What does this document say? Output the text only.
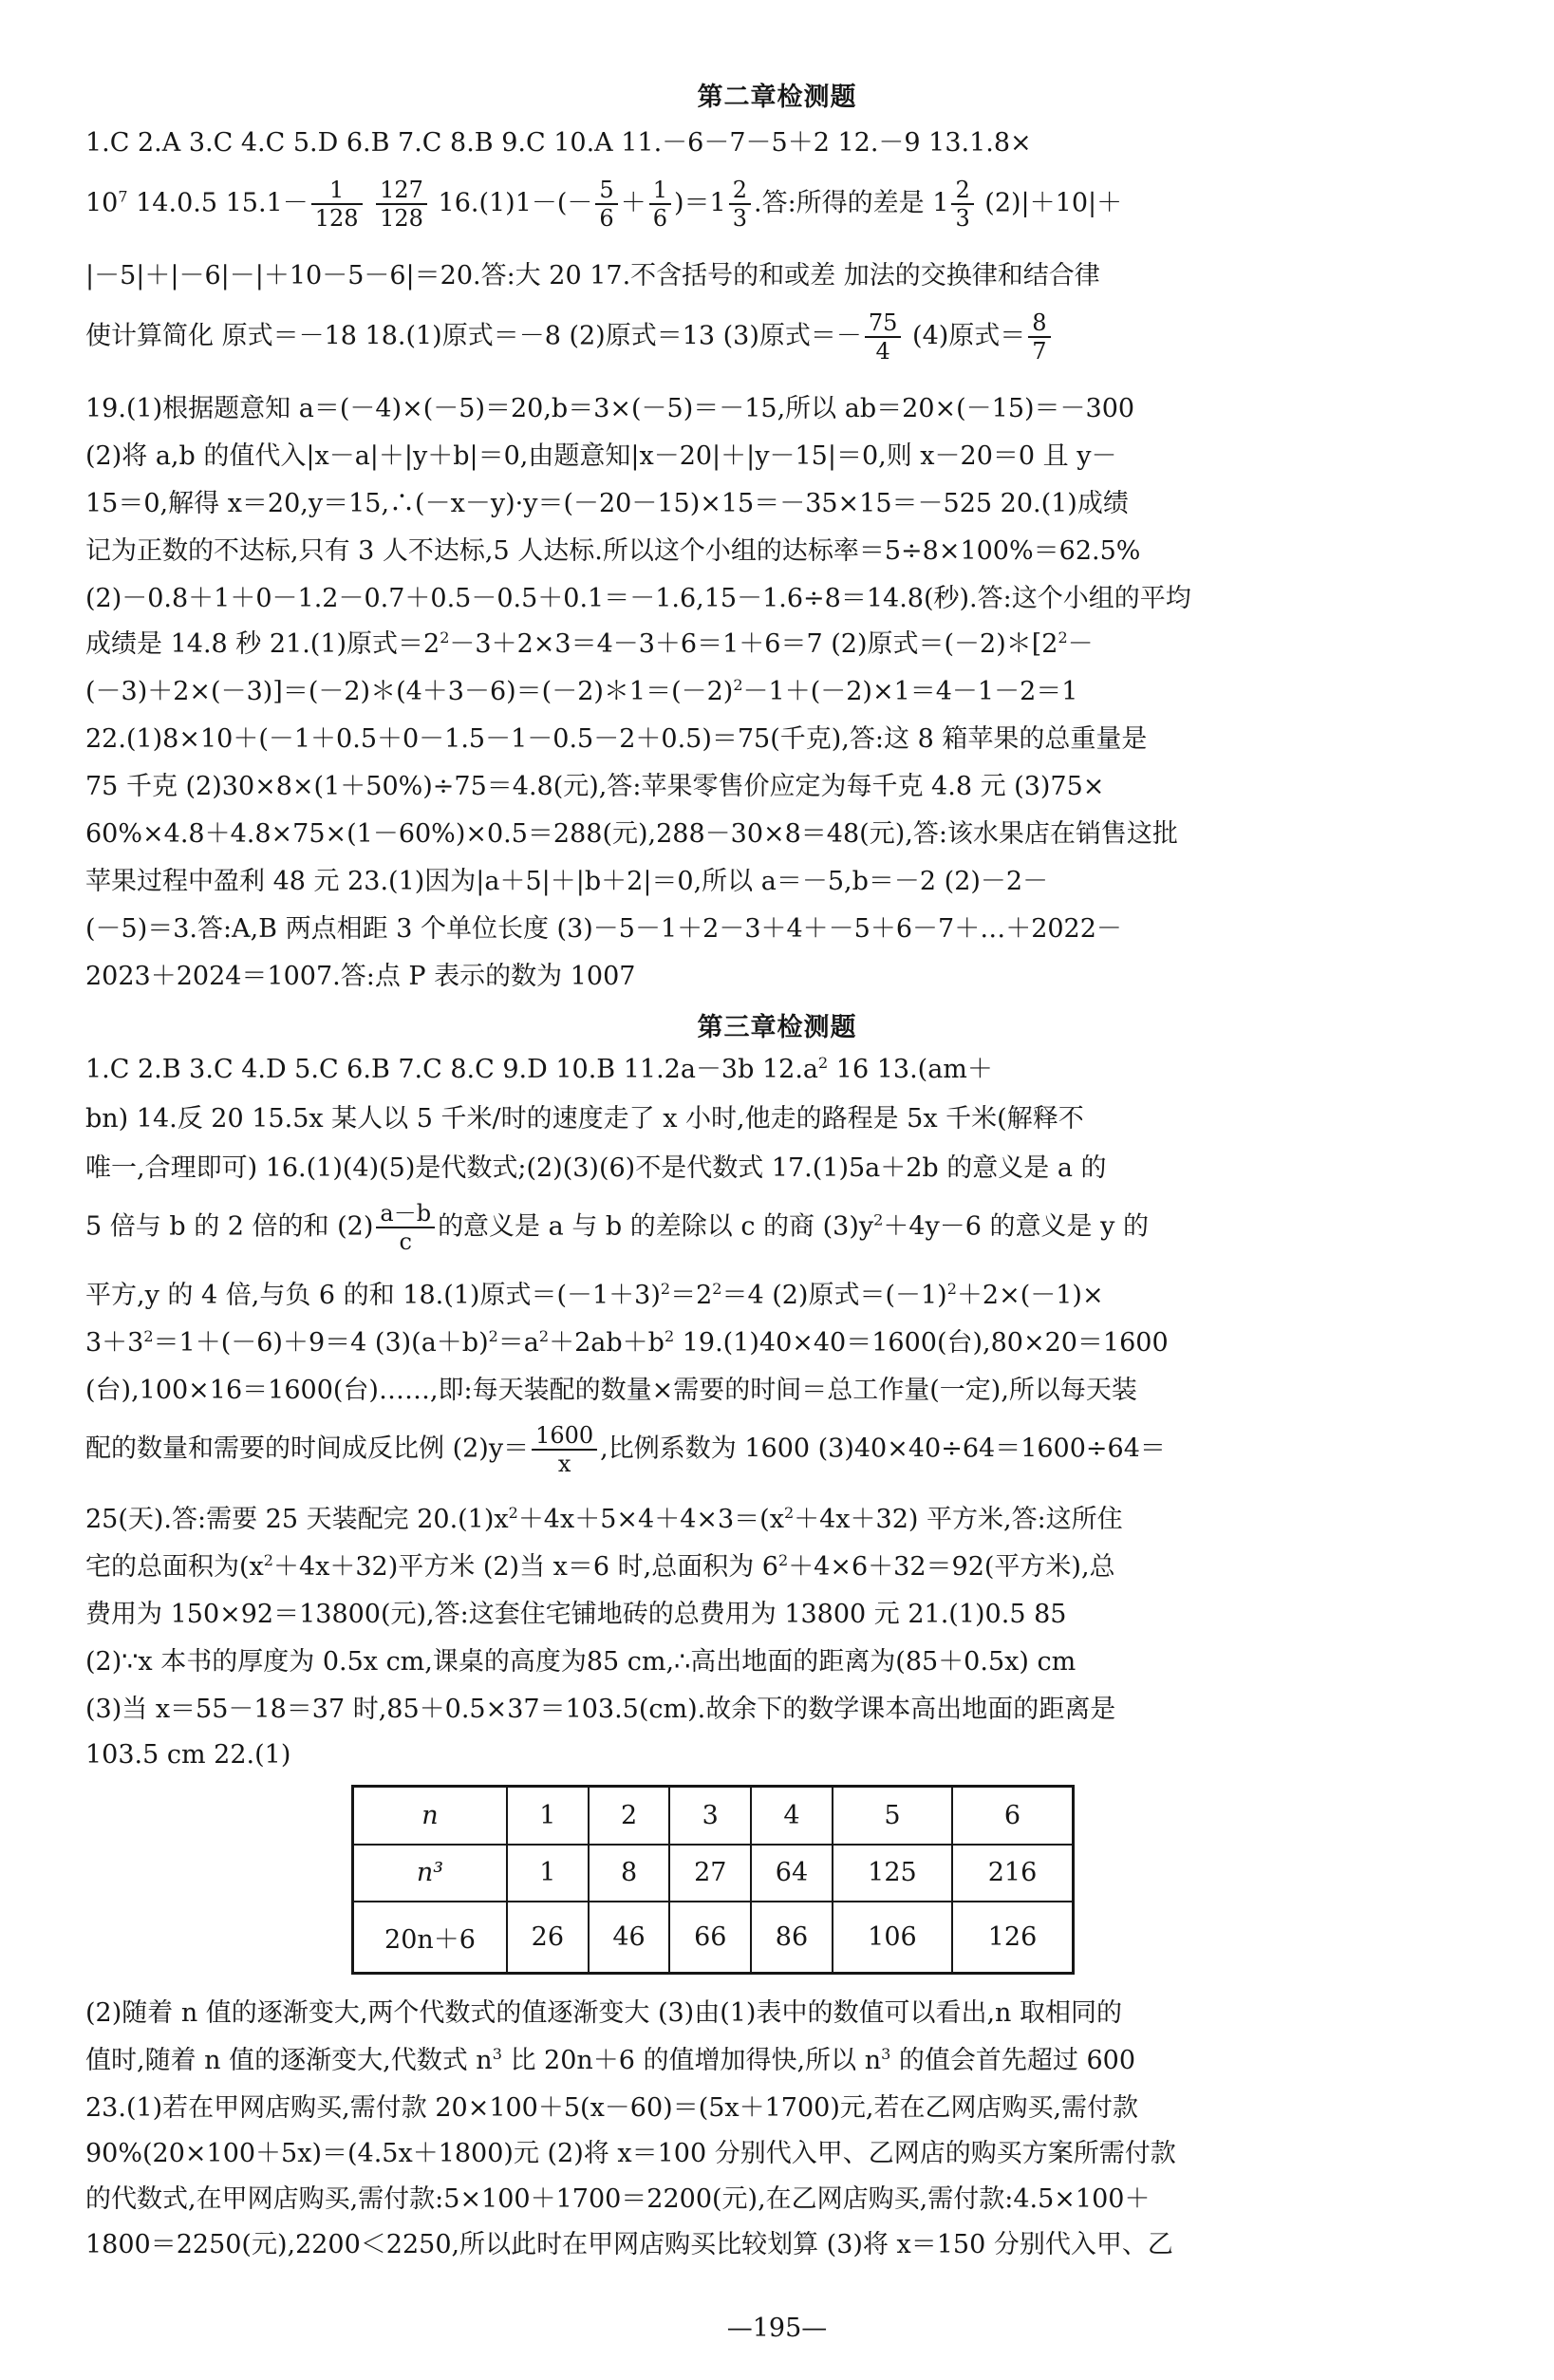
第二章检测题
1.C 2.A 3.C 4.C 5.D 6.B 7.C 8.B 9.C 10.A 11.－6－7－5＋2 12.－9 13.1.8×
$10^7$ 14.0.5 $15.1- \frac{1}{128}$
$\frac{127}{128} 16.(1)1-(- \frac{5}{6} + \frac{1}{6} )=1 \frac{2}{3}$ .答:所得的差是 $1 \frac{2}{3} (2)|+10|+$
|－5|＋|－6|－|＋10－5－6|＝20.答:大 20 17.不含括号的和或差 加法的交换律和结合律
使计算简化 原式＝－18 18.(1)原式＝－8 (2)原式＝13 (3)原式＝－ $\frac{75}{4} (4)$原式＝ $\frac{8}{7}$
19.(1)根据题意知 a＝(－4)×(－5)＝20,b＝3×(－5)＝－15,所以 ab＝20×(－15)＝－300
(2)将 a,b 的值代入|x－a|＋|y＋b|＝0,由题意知|x－20|＋|y－15|＝0,则 x－20＝0 且 y－
15＝0,解得 x＝20,y＝15,∴(－x－y)·y＝(－20－15)×15＝－35×15＝－525 20.(1)成绩
记为正数的不达标,只有 3 人不达标,5 人达标.所以这个小组的达标率＝5÷8×100%＝62.5%
(2)－0.8＋1＋0－1.2－0.7＋0.5－0.5＋0.1＝－1.6,15－1.6÷8＝14.8(秒).答:这个小组的平均
成绩是 14.8 秒 21.(1)原式$=2^2-3+2\times 3=4-3+6=1+6=7$ (2)原式$=(-2)*[2^2-$
$(-3)+2\times(-3)]=(-2)*(4+3-6)=(-2)*1=(-2)^2-1+(-2)\times 1=4-1-2=1$
22.(1)8×10＋(－1＋0.5＋0－1.5－1－0.5－2＋0.5)＝75(千克),答:这 8 箱苹果的总重量是
75 千克 (2)30×8×(1＋50%)÷75＝4.8(元),答:苹果零售价应定为每千克 4.8 元 (3)75×
60%×4.8＋4.8×75×(1－60%)×0.5＝288(元),288－30×8＝48(元),答:该水果店在销售这批
苹果过程中盈利 48 元 23.(1)因为|a＋5|＋|b＋2|＝0,所以 a＝－5,b＝－2 (2)－2－
(－5)＝3.答:A,B 两点相距 3 个单位长度 (3)－5－1＋2－3＋4＋－5＋6－7＋…＋2022－
2023＋2024＝1007.答:点 P 表示的数为 1007
第三章检测题
1.C 2.B 3.C 4.D 5.C 6.B 7.C 8.C 9.D 10.B 11.2a－3b $12.a^2$ 16 13.(am＋
bn) 14.反 20 15.5x 某人以 5 千米/时的速度走了 x 小时,他走的路程是 5x 千米(解释不
唯一,合理即可) 16.(1)(4)(5)是代数式;(2)(3)(6)不是代数式 17.(1)5a＋2b 的意义是 a 的
5 倍与 b 的 2 倍的和 $(2) \frac{a-b}{c}$ 的意义是 a 与 b 的差除以 c 的商 $(3)y^2+4y-6$ 的意义是 y 的
平方,y 的 4 倍,与负 6 的和 18.(1)原式$=(-1+3)^2=2^2=4$ (2)原式$=(-1)^2+2\times(-1)\times$
$3+3^2=1+(-6)+9=4$ $(3)(a+b)^2=a^2+2ab+b^2$ 19.(1)40×40＝1600(台),80×20＝1600
(台),100×16＝1600(台)……,即:每天装配的数量×需要的时间＝总工作量(一定),所以每天装
配的数量和需要的时间成反比例 $(2)y= \frac{1600}{x}$ ,比例系数为 1600 (3)40×40÷64＝1600÷64＝
25(天).答:需要 25 天装配完 $20.(1)x^2+4x+5\times 4+4\times 3=(x^2+4x+32)$ 平方米,答:这所住
宅的总面积为$(x^2+4x+32)$平方米 (2)当 x＝6 时,总面积为 $6^2+4\times 6+32=92$(平方米),总
费用为 150×92＝13800(元),答:这套住宅铺地砖的总费用为 13800 元 21.(1)0.5 85
(2)∵x 本书的厚度为 0.5x cm,课桌的高度为85 cm,∴高出地面的距离为(85＋0.5x) cm
(3)当 x＝55－18＝37 时,85＋0.5×37＝103.5(cm).故余下的数学课本高出地面的距离是
103.5 cm 22.(1)
n	1	2	3	4	5	6
n³	1	8	27	64	125	216
20n＋6	26	46	66	86	106	126
(2)随着 n 值的逐渐变大,两个代数式的值逐渐变大 (3)由(1)表中的数值可以看出,n 取相同的
值时,随着 n 值的逐渐变大,代数式 $n^3$ 比 20n＋6 的值增加得快,所以 $n^3$ 的值会首先超过 600
23.(1)若在甲网店购买,需付款 20×100＋5(x－60)＝(5x＋1700)元,若在乙网店购买,需付款
90%(20×100＋5x)＝(4.5x＋1800)元 (2)将 x＝100 分别代入甲、乙网店的购买方案所需付款
的代数式,在甲网店购买,需付款:5×100＋1700＝2200(元),在乙网店购买,需付款:4.5×100＋
1800＝2250(元),2200＜2250,所以此时在甲网店购买比较划算 (3)将 x＝150 分别代入甲、乙
—195—
